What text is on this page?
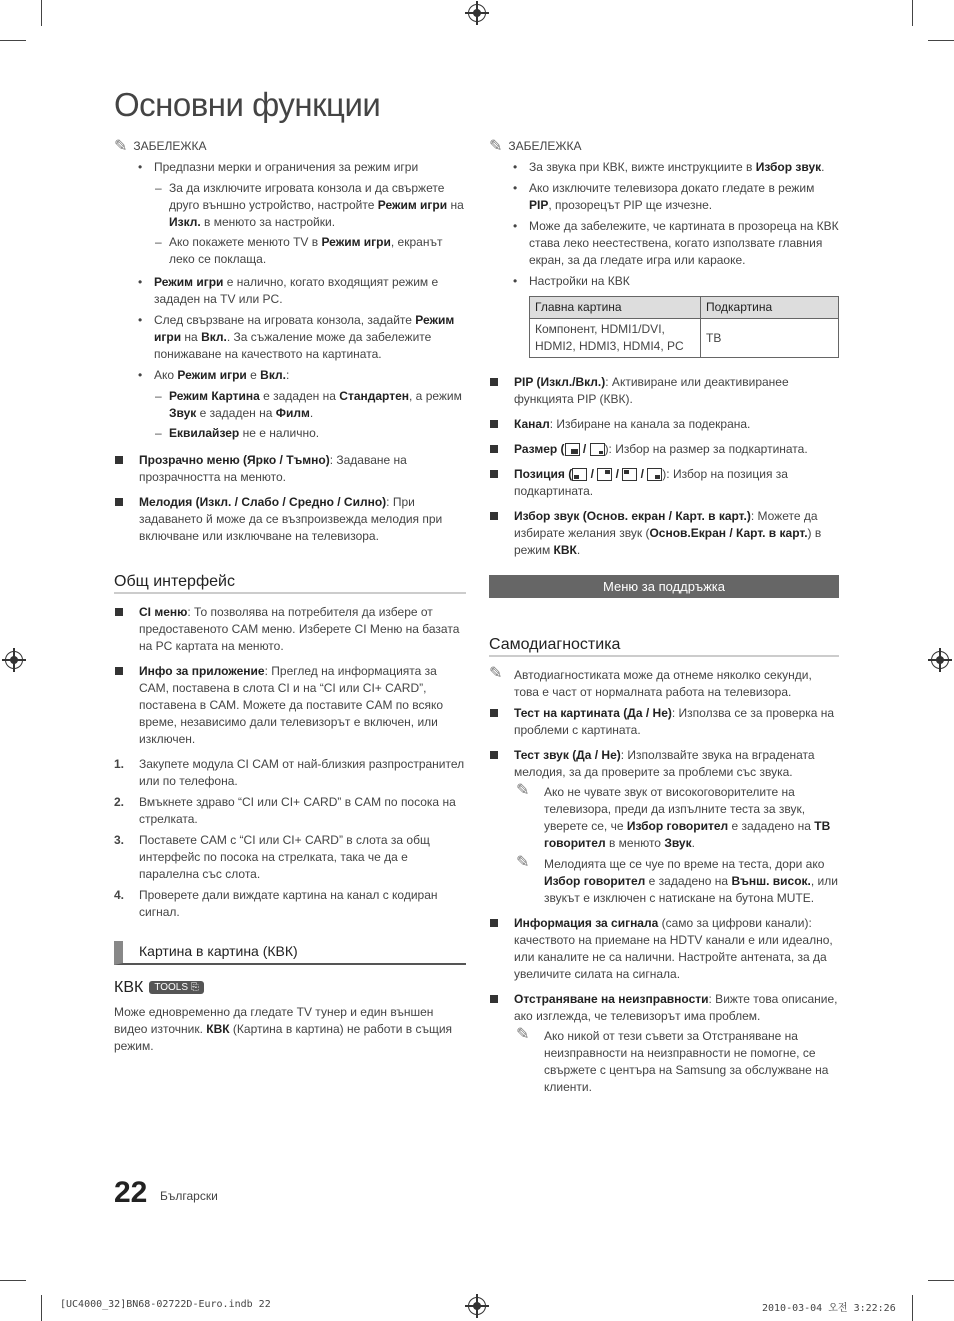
Основни функции
✎ ЗАБЕЛЕЖКА
• Предпазни мерки и ограничения за режим игри
– За да изключите игровата конзола и да свържете друго външно устройство, настройте Режим игри на Изкл. в менюто за настройки.
– Ако покажете менюто TV в Режим игри, екранът леко се поклаща.
• Режим игри е налично, когато входящият режим е зададен на TV или PC.
• След свързване на игровата конзола, задайте Режим игри на Вкл.. За съжаление може да забележите понижаване на качеството на картината.
• Ако Режим игри е Вкл.:
– Режим Картина е зададен на Стандартен, а режим Звук е зададен на Филм.
– Еквилайзер не е налично.
Прозрачно меню (Ярко / Тъмно): Задаване на прозрачността на менюто.
Мелодия (Изкл. / Слабо / Средно / Силно): При задаването й може да се възпроизвежда мелодия при включване или изключване на телевизора.
Общ интерфейс
CI меню: То позволява на потребителя да избере от предоставеното CAM меню. Изберете CI Меню на базата на PC картата на менюто.
Инфо за приложение: Преглед на информацията за CAM, поставена в слота CI и на “CI или CI+ CARD”, поставена в CAM. Можете да поставите CAM по всяко време, независимо дали телевизорът е включен, или изключен.
1. Закупете модула CI CAM от най-близкия разпространител или по телефона.
2. Вмъкнете здраво “CI или CI+ CARD” в CAM по посока на стрелката.
3. Поставете CAM с “CI или CI+ CARD” в слота за общ интерфейс по посока на стрелката, така че да е паралелна със слота.
4. Проверете дали виждате картина на канал с кодиран сигнал.
Картина в картина (КВК)
КВК	TOOLS ⎘
Може едновременно да гледате TV тунер и един външен видео източник. КВК (Картина в картина) не работи в същия режим.
✎ ЗАБЕЛЕЖКА
• За звука при КВК, вижте инструкциите в Избор звук.
• Ако изключите телевизора докато гледате в режим PIP, прозорецът PIP ще изчезне.
• Може да забележите, че картината в прозореца на КВК става леко неестествена, когато използвате главния екран, за да гледате игра или караоке.
• Настройки на КВК
Главна картина	Подкартина
Компонент, HDMI1/DVI, HDMI2, HDMI3, HDMI4, PC	ТВ
PIP (Изкл./Вкл.): Активиране или деактивиранее функцията PIP (КВК).
Канал: Избиране на канала за подекрана.
Размер (
/
): Избор на размер за подкартината.
Позиция (
/
/
/
): Избор на позиция за подкартината.
Избор звук (Основ. екран / Карт. в карт.): Можете да избирате желания звук (Основ.Екран / Карт. в карт.) в режим КВК.
Меню за поддръжка
Самодиагностика
✎ Автодиагностиката може да отнеме няколко секунди, това е част от нормалната работа на телевизора.
Тест на картината (Да / Не): Използва се за проверка на проблеми с картината.
Тест звук (Да / Не): Използвайте звука на вградената мелодия, за да проверите за проблеми със звука.
✎ Ако не чувате звук от високоговорителите на телевизора, преди да изпълните теста за звук, уверете се, че Избор говорител е зададено на ТВ говорител в менюто Звук.
✎ Мелодията ще се чуе по време на теста, дори ако Избор говорител е зададено на Външ. висок., или звукът е изключен с натискане на бутона MUTE.
Информация за сигнала (само за цифрови канали): качеството на приемане на HDTV канали е или идеално, или каналите не са налични. Настройте антената, за да увеличите силата на сигнала.
Отстраняване на неизправности: Вижте това описание, ако изглежда, че телевизорът има проблем.
✎ Ако никой от тези съвети за Отстраняване на неизправности на неизправности не помогне, се свържете с центъра на Samsung за обслужване на клиенти.
22 Български
[UC4000_32]BN68-02722D-Euro.indb 22	2010-03-04 오전 3:22:26
